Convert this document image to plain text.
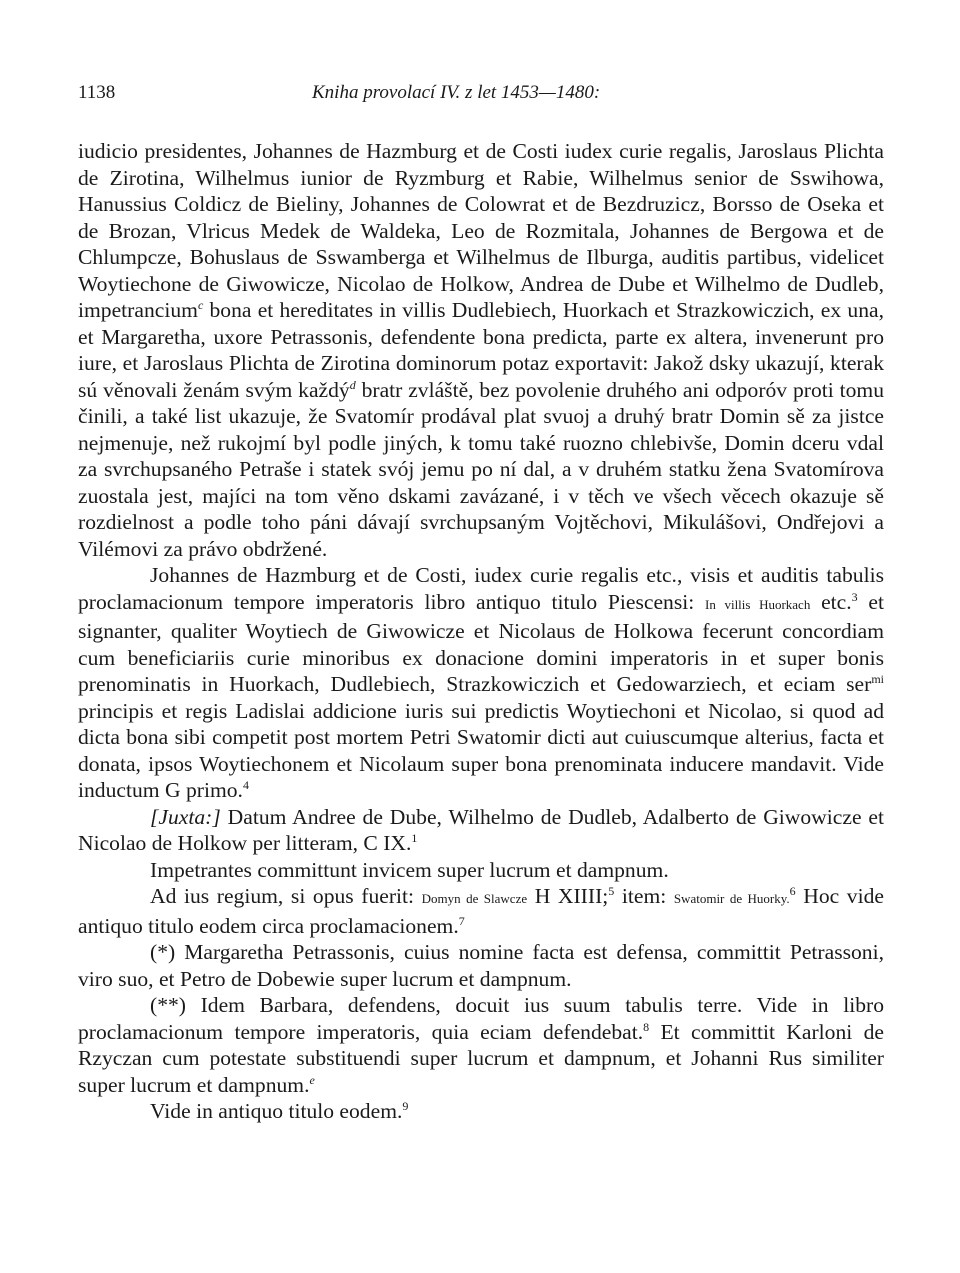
1138	Kniha provolací IV. z let 1453—1480:

iudicio presidentes, Johannes de Hazmburg et de Costi iudex curie regalis, Jaroslaus Plichta de Zirotina, Wilhelmus iunior de Ryzmburg et Rabie, Wilhelmus senior de Sswihowa, Hanussius Coldicz de Bieliny, Johannes de Colowrat et de Bezdruzicz, Borsso de Oseka et de Brozan, Vlricus Medek de Waldeka, Leo de Rozmitala, Johannes de Bergowa et de Chlumpcze, Bohuslaus de Sswamberga et Wilhelmus de Ilburga, auditis partibus, videlicet Woytiechone de Giwowicze, Nicolao de Holkow, Andrea de Dube et Wilhelmo de Dudleb, impetrancium$^c$ bona et hereditates in villis Dudlebiech, Huorkach et Strazkowiczich, ex una, et Margaretha, uxore Petrassonis, defendente bona predicta, parte ex altera, invenerunt pro iure, et Jaroslaus Plichta de Zirotina dominorum potaz exportavit: Jakož dsky ukazují, kterak sú věnovali ženám svým každý$^d$ bratr zvláště, bez povolenie druhého ani odporóv proti tomu činili, a také list ukazuje, že Svatomír prodával plat svuoj a druhý bratr Domin sě za jistce nejmenuje, než rukojmí byl podle jiných, k tomu také ruozno chlebivše, Domin dceru vdal za svrchupsaného Petraše i statek svój jemu po ní dal, a v druhém statku žena Svatomírova zuostala jest, majíci na tom věno dskami zavázané, i v těch ve všech věcech okazuje sě rozdielnost a podle toho páni dávají svrchupsaným Vojtěchovi, Mikulášovi, Ondřejovi a Vilémovi za právo obdržené.

Johannes de Hazmburg et de Costi, iudex curie regalis etc., visis et auditis tabulis proclamacionum tempore imperatoris libro antiquo titulo Piescensi: In villis Huorkach etc.$^3$ et signanter, qualiter Woytiech de Giwowicze et Nicolaus de Holkowa fecerunt concordiam cum beneficiariis curie minoribus ex donacione domini imperatoris in et super bonis prenominatis in Huorkach, Dudlebiech, Strazkowiczich et Gedowarziech, et eciam ser$^{mi}$ principis et regis Ladislai addicione iuris sui predictis Woytiechoni et Nicolao, si quod ad dicta bona sibi competit post mortem Petri Swatomir dicti aut cuiuscumque alterius, facta et donata, ipsos Woytiechonem et Nicolaum super bona prenominata inducere mandavit. Vide inductum G primo.$^4$

[Juxta:] Datum Andree de Dube, Wilhelmo de Dudleb, Adalberto de Giwowicze et Nicolao de Holkow per litteram, C IX.$^1$

Impetrantes committunt invicem super lucrum et dampnum.

Ad ius regium, si opus fuerit: Domyn de Slawcze H XIIII;$^5$ item: Swatomir de Huorky.$^6$ Hoc vide antiquo titulo eodem circa proclamacionem.$^7$

(*) Margaretha Petrassonis, cuius nomine facta est defensa, committit Petrassoni, viro suo, et Petro de Dobewie super lucrum et dampnum.

(**) Idem Barbara, defendens, docuit ius suum tabulis terre. Vide in libro proclamacionum tempore imperatoris, quia eciam defendebat.$^8$ Et committit Karloni de Rzyczan cum potestate substituendi super lucrum et dampnum, et Johanni Rus similiter super lucrum et dampnum.$^e$

Vide in antiquo titulo eodem.$^9$
